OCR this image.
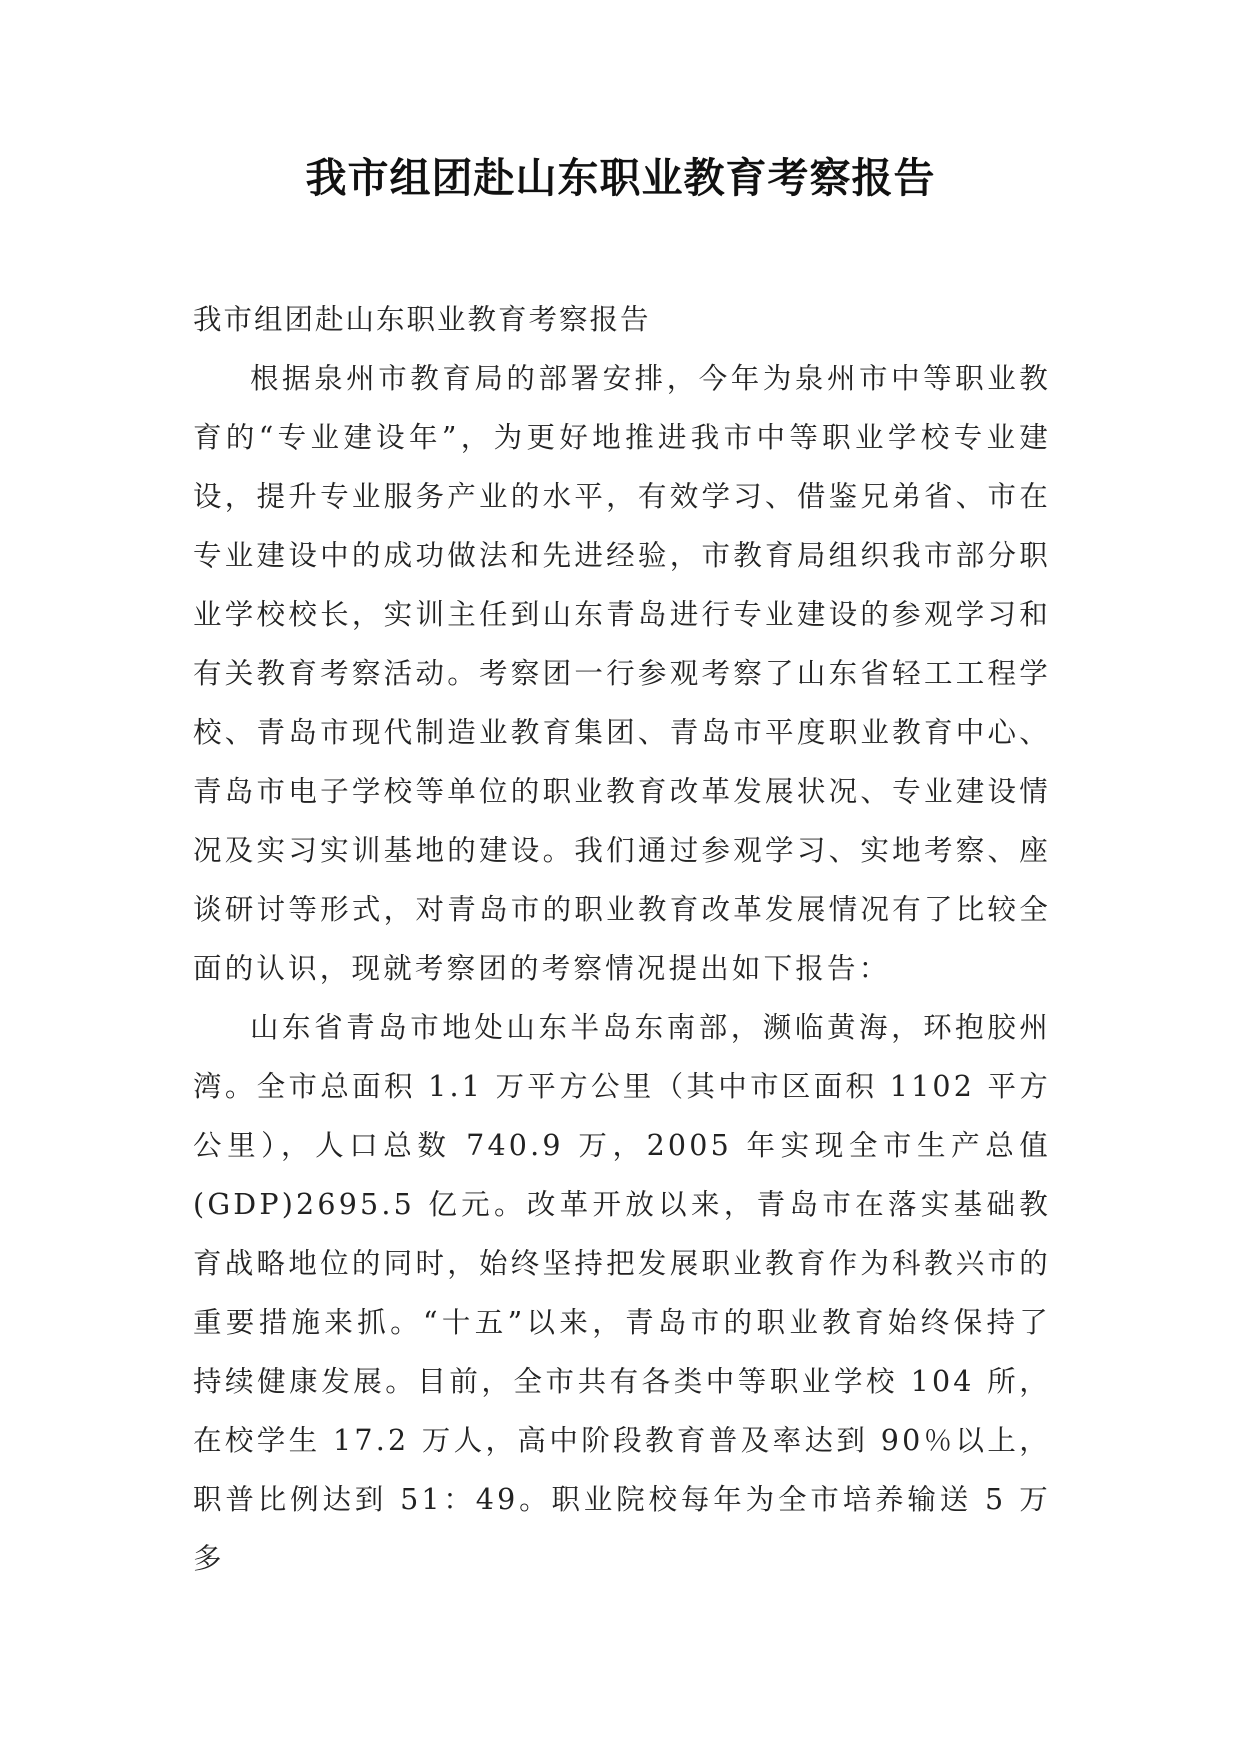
我市组团赴山东职业教育考察报告

我市组团赴山东职业教育考察报告

根据泉州市教育局的部署安排，今年为泉州市中等职业教育的“专业建设年”，为更好地推进我市中等职业学校专业建设，提升专业服务产业的水平，有效学习、借鉴兄弟省、市在专业建设中的成功做法和先进经验，市教育局组织我市部分职业学校校长，实训主任到山东青岛进行专业建设的参观学习和有关教育考察活动。考察团一行参观考察了山东省轻工工程学校、青岛市现代制造业教育集团、青岛市平度职业教育中心、青岛市电子学校等单位的职业教育改革发展状况、专业建设情况及实习实训基地的建设。我们通过参观学习、实地考察、座谈研讨等形式，对青岛市的职业教育改革发展情况有了比较全面的认识，现就考察团的考察情况提出如下报告：

山东省青岛市地处山东半岛东南部，濒临黄海，环抱胶州湾。全市总面积 1.1 万平方公里（其中市区面积 1102 平方公里），人口总数 740.9 万，2005 年实现全市生产总值(GDP)2695.5 亿元。改革开放以来，青岛市在落实基础教育战略地位的同时，始终坚持把发展职业教育作为科教兴市的重要措施来抓。“十五”以来，青岛市的职业教育始终保持了持续健康发展。目前，全市共有各类中等职业学校 104 所，在校学生 17.2 万人，高中阶段教育普及率达到 90％以上，职普比例达到 51：49。职业院校每年为全市培养输送 5 万多
